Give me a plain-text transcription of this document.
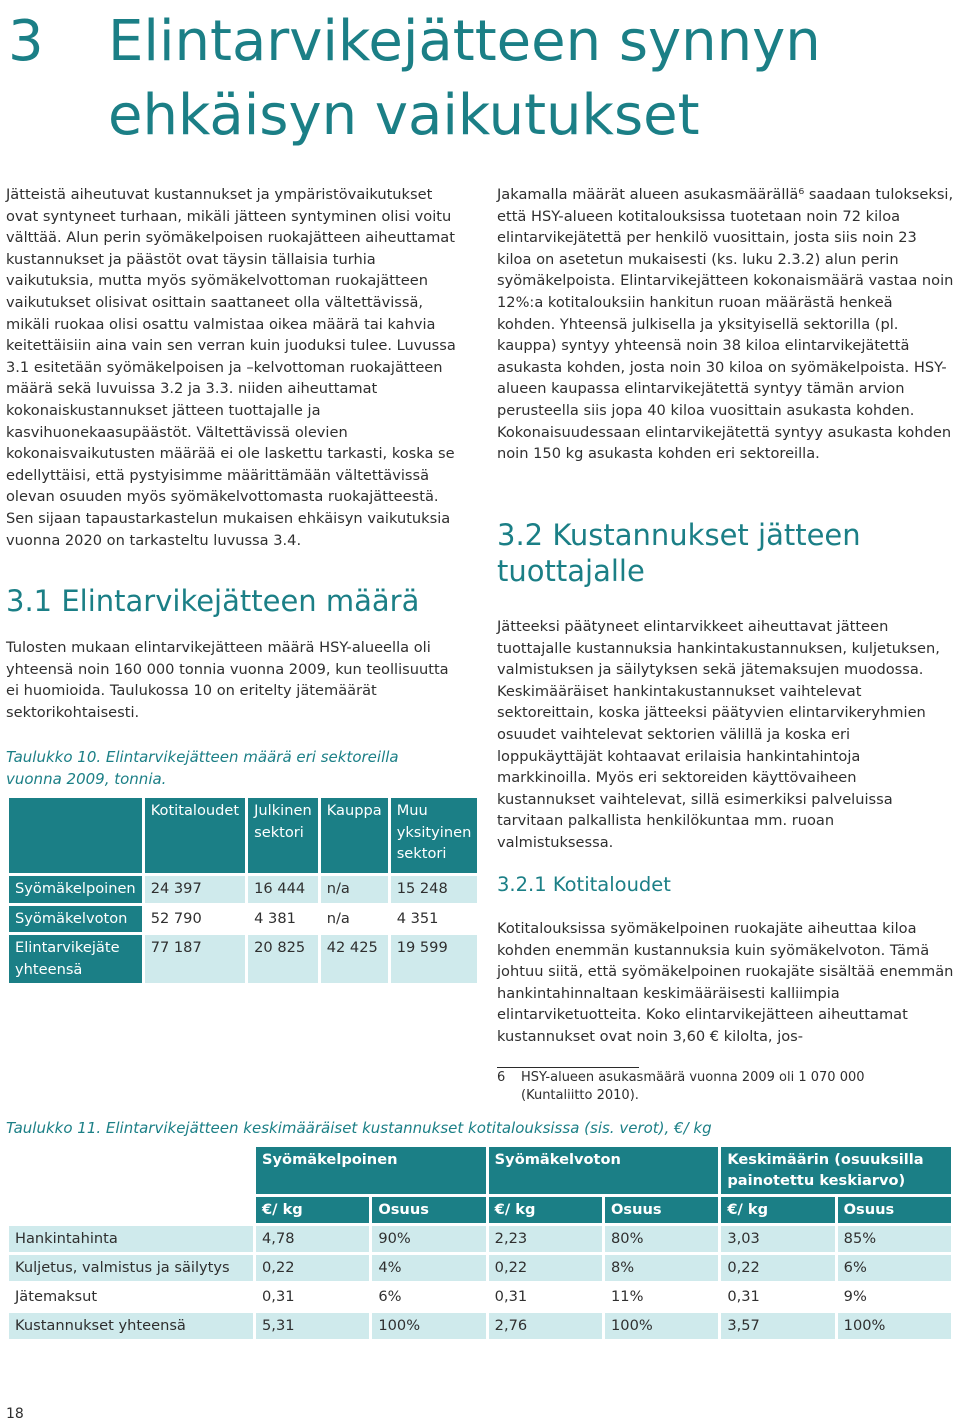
3 Elintarvikejätteen synnyn
ehkäisyn vaikutukset

Jätteistä aiheutuvat kustannukset ja ympäristövaikutukset ovat syntyneet turhaan, mikäli jätteen syntyminen olisi voitu välttää. Alun perin syömäkelpoisen ruokajätteen aiheuttamat kustannukset ja päästöt ovat täysin tällaisia turhia vaikutuksia, mutta myös syömäkelvottoman ruokajätteen vaikutukset olisivat osittain saattaneet olla vältettävissä, mikäli ruokaa olisi osattu valmistaa oikea määrä tai kahvia keitettäisiin aina vain sen verran kuin juoduksi tulee. Luvussa 3.1 esitetään syömäkelpoisen ja –kelvottoman ruokajätteen määrä sekä luvuissa 3.2 ja 3.3. niiden aiheuttamat kokonaiskustannukset jätteen tuottajalle ja kasvihuonekaasupäästöt. Vältettävissä olevien kokonaisvaikutusten määrää ei ole laskettu tarkasti, koska se edellyttäisi, että pystyisimme määrittämään vältettävissä olevan osuuden myös syömäkelvottomasta ruokajätteestä. Sen sijaan tapaustarkastelun mukaisen ehkäisyn vaikutuksia vuonna 2020 on tarkasteltu luvussa 3.4.

3.1 Elintarvikejätteen määrä

Tulosten mukaan elintarvikejätteen määrä HSY-alueella oli yhteensä noin 160 000 tonnia vuonna 2009, kun teollisuutta ei huomioida. Taulukossa 10 on eritelty jätemäärät sektorikohtaisesti.

Taulukko 10. Elintarvikejätteen määrä eri sektoreilla vuonna 2009, tonnia.

	Kotitaloudet	Julkinen sektori	Kauppa	Muu yksityinen sektori
Syömäkelpoinen	24 397	16 444	n/a	15 248
Syömäkelvoton	52 790	4 381	n/a	4 351
Elintarvikejäte yhteensä	77 187	20 825	42 425	19 599

Jakamalla määrät alueen asukasmäärällä⁶ saadaan tulokseksi, että HSY-alueen kotitalouksissa tuotetaan noin 72 kiloa elintarvikejätettä per henkilö vuosittain, josta siis noin 23 kiloa on asetetun mukaisesti (ks. luku 2.3.2) alun perin syömäkelpoista. Elintarvikejätteen kokonaismäärä vastaa noin 12%:a kotitalouksiin hankitun ruoan määrästä henkeä kohden. Yhteensä julkisella ja yksityisellä sektorilla (pl. kauppa) syntyy yhteensä noin 38 kiloa elintarvikejätettä asukasta kohden, josta noin 30 kiloa on syömäkelpoista. HSY-alueen kaupassa elintarvikejätettä syntyy tämän arvion perusteella siis jopa 40 kiloa vuosittain asukasta kohden. Kokonaisuudessaan elintarvikejätettä syntyy asukasta kohden noin 150 kg asukasta kohden eri sektoreilla.

3.2 Kustannukset jätteen
tuottajalle

Jätteeksi päätyneet elintarvikkeet aiheuttavat jätteen tuottajalle kustannuksia hankintakustannuksen, kuljetuksen, valmistuksen ja säilytyksen sekä jätemaksujen muodossa. Keskimääräiset hankintakustannukset vaihtelevat sektoreittain, koska jätteeksi päätyvien elintarvikeryhmien osuudet vaihtelevat sektorien välillä ja koska eri loppukäyttäjät kohtaavat erilaisia hankintahintoja markkinoilla. Myös eri sektoreiden käyttövaiheen kustannukset vaihtelevat, sillä esimerkiksi palveluissa tarvitaan palkallista henkilökuntaa mm. ruoan valmistuksessa.

3.2.1 Kotitaloudet

Kotitalouksissa syömäkelpoinen ruokajäte aiheuttaa kiloa kohden enemmän kustannuksia kuin syömäkelvoton. Tämä johtuu siitä, että syömäkelpoinen ruokajäte sisältää enemmän hankintahinnaltaan keskimääräisesti kalliimpia elintarviketuotteita. Koko elintarvikejätteen aiheuttamat kustannukset ovat noin 3,60 € kilolta, jos-

6 HSY-alueen asukasmäärä vuonna 2009 oli 1 070 000 (Kuntaliitto 2010).

Taulukko 11. Elintarvikejätteen keskimääräiset kustannukset kotitalouksissa (sis. verot), €/ kg

	Syömäkelpoinen		Syömäkelvoton		Keskimäärin (osuuksilla painotettu keskiarvo)	
	€/ kg	Osuus	€/ kg	Osuus	€/ kg	Osuus
Hankintahinta	4,78	90%	2,23	80%	3,03	85%
Kuljetus, valmistus ja säilytys	0,22	4%	0,22	8%	0,22	6%
Jätemaksut	0,31	6%	0,31	11%	0,31	9%
Kustannukset yhteensä	5,31	100%	2,76	100%	3,57	100%
18
